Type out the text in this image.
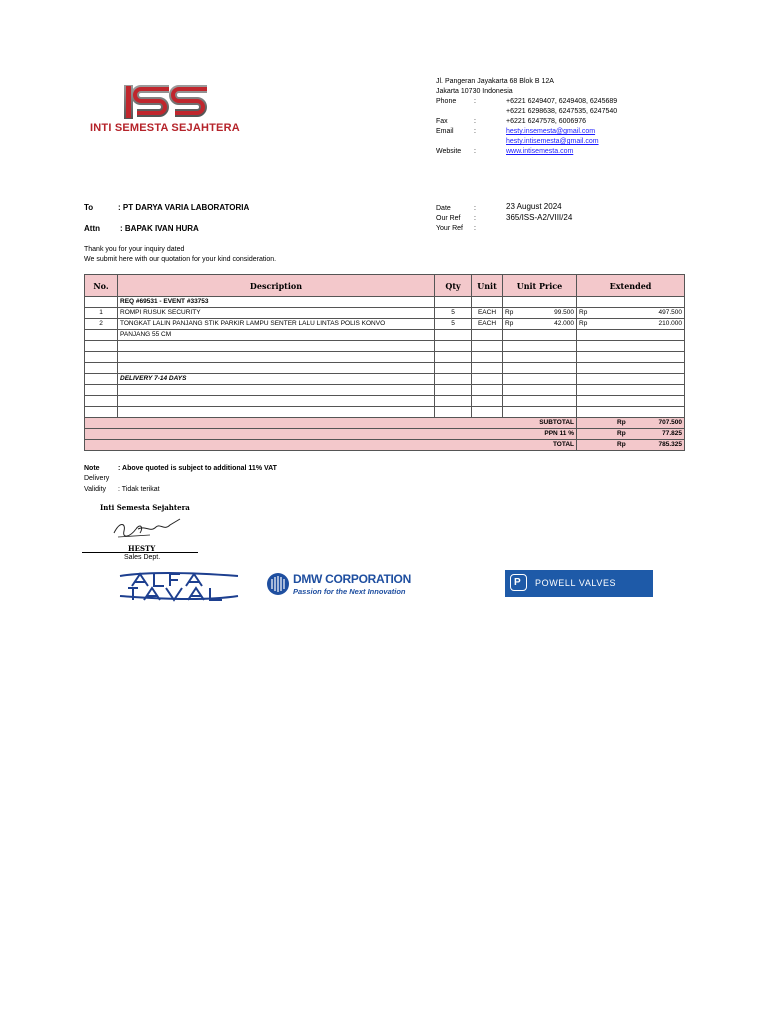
INTI SEMESTA SEJAHTERA
Jl. Pangeran Jayakarta 68 Blok B 12A
Jakarta 10730 Indonesia
Phone	:	+6221 6249407, 6249408, 6245689
+6221 6298638, 6247535, 6247540
Fax	:	+6221 6247578, 6006976
Email	:	hesty.insemesta@gmail.com
hesty.intisemesta@gmail.com
Website :	www.intisemesta.com
To	: PT DARYA VARIA LABORATORIA
Attn	: BAPAK IVAN HURA
Date	:	23 August 2024
Our Ref :	365/ISS-A2/VIII/24
Your Ref :
Thank you for your inquiry dated
We submit here with our quotation for your kind consideration.
No.	Description	Qty	Unit	Unit Price	Extended
	REQ #69531 - EVENT #33753				
1	ROMPI RUSUK SECURITY	5	EACH	Rp 99.500	Rp 497.500

2	TONGKAT LALIN PANJANG STIK PARKIR LAMPU SENTER LALU LINTAS POLIS KONVO	5	EACH	Rp 42.000	Rp 210.000

	PANJANG 55 CM				

	DELIVERY 7-14 DAYS				

SUBTOTAL					Rp 707.500

PPN 11 %					Rp 77.825

TOTAL					Rp 785.325
Note	: Above quoted is subject to additional 11% VAT
Delivery
Validity : Tidak terikat
Inti Semesta Sejahtera
HESTY
Sales Dept.
DMW CORPORATION
Passion for the Next Innovation
P POWELL VALVES
